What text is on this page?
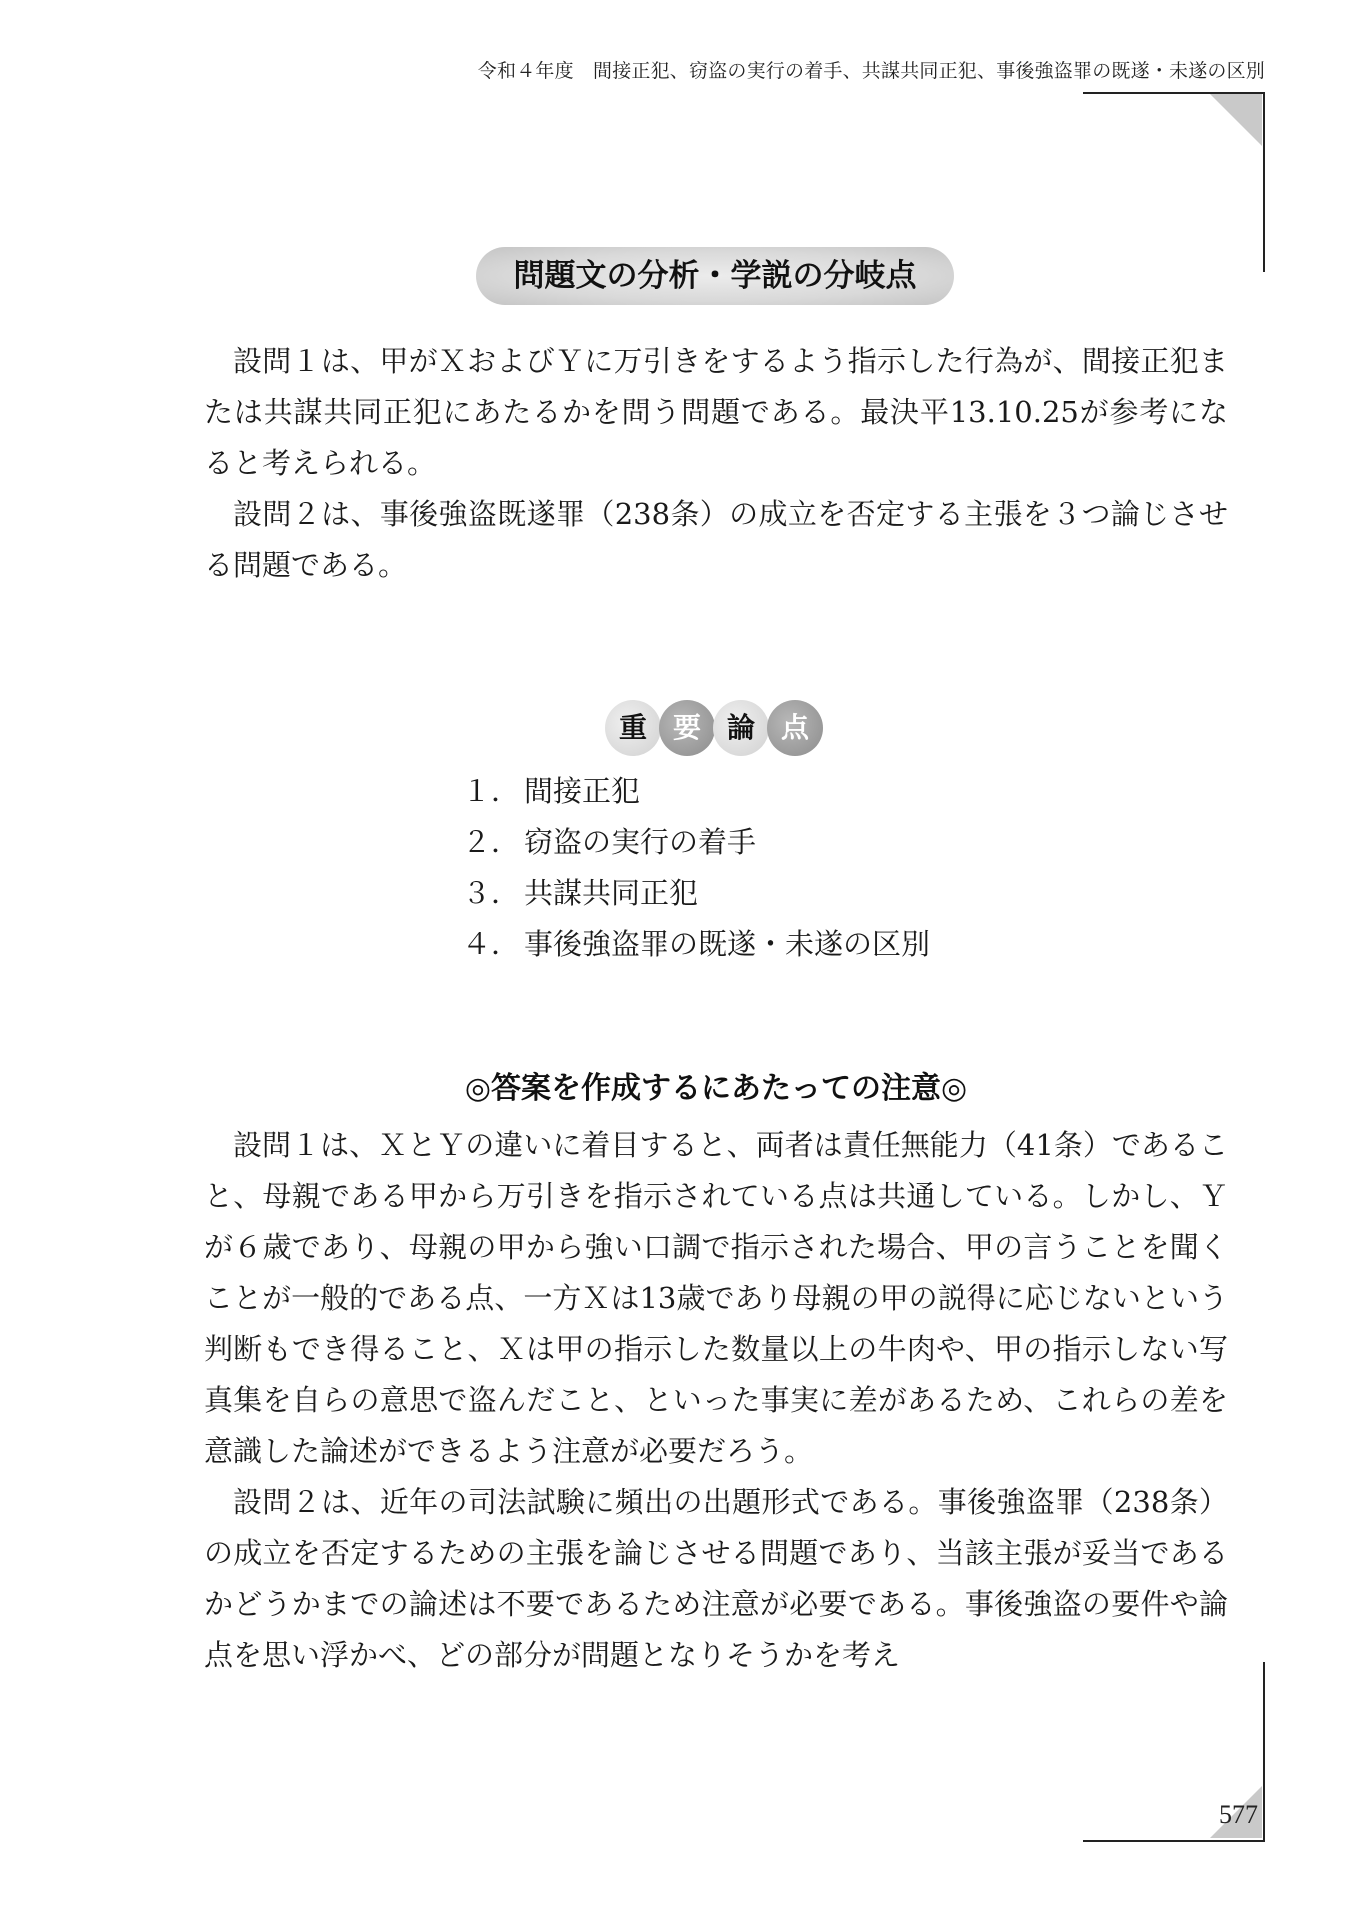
令和４年度　間接正犯、窃盗の実行の着手、共謀共同正犯、事後強盗罪の既遂・未遂の区別
問題文の分析・学説の分岐点

設問１は、甲がＸおよびＹに万引きをするよう指示した行為が、間接正犯または共謀共同正犯にあたるかを問う問題である。最決平13.10.25が参考になると考えられる。

設問２は、事後強盗既遂罪（238条）の成立を否定する主張を３つ論じさせる問題である。

重 要 論 点
１． 間接正犯
２． 窃盗の実行の着手
３． 共謀共同正犯
４． 事後強盗罪の既遂・未遂の区別
◎答案を作成するにあたっての注意◎

設問１は、ＸとＹの違いに着目すると、両者は責任無能力（41条）であること、母親である甲から万引きを指示されている点は共通している。しかし、Ｙが６歳であり、母親の甲から強い口調で指示された場合、甲の言うことを聞くことが一般的である点、一方Ｘは13歳であり母親の甲の説得に応じないという判断もでき得ること、Ｘは甲の指示した数量以上の牛肉や、甲の指示しない写真集を自らの意思で盗んだこと、といった事実に差があるため、これらの差を意識した論述ができるよう注意が必要だろう。

設問２は、近年の司法試験に頻出の出題形式である。事後強盗罪（238条）の成立を否定するための主張を論じさせる問題であり、当該主張が妥当であるかどうかまでの論述は不要であるため注意が必要である。事後強盗の要件や論点を思い浮かべ、どの部分が問題となりそうかを考え

577
